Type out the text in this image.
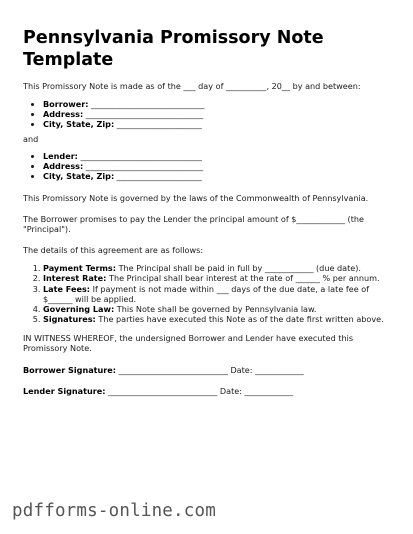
Pennsylvania Promissory Note Template

This Promissory Note is made as of the ___ day of __________, 20__ by and between:

• Borrower: ____________________________
• Address: _____________________________
• City, State, Zip: _____________________

and

• Lender: ______________________________
• Address: _____________________________
• City, State, Zip: _____________________

This Promissory Note is governed by the laws of the Commonwealth of Pennsylvania.

The Borrower promises to pay the Lender the principal amount of $____________ (the "Principal").

The details of this agreement are as follows:

1. Payment Terms: The Principal shall be paid in full by ____________ (due date).
2. Interest Rate: The Principal shall bear interest at the rate of ______ % per annum.
3. Late Fees: If payment is not made within ___ days of the due date, a late fee of $______ will be applied.
4. Governing Law: This Note shall be governed by Pennsylvania law.
5. Signatures: The parties have executed this Note as of the date first written above.

IN WITNESS WHEREOF, the undersigned Borrower and Lender have executed this Promissory Note.

Borrower Signature: ___________________________ Date: ____________

Lender Signature: ___________________________ Date: ____________

pdfforms-online.com
